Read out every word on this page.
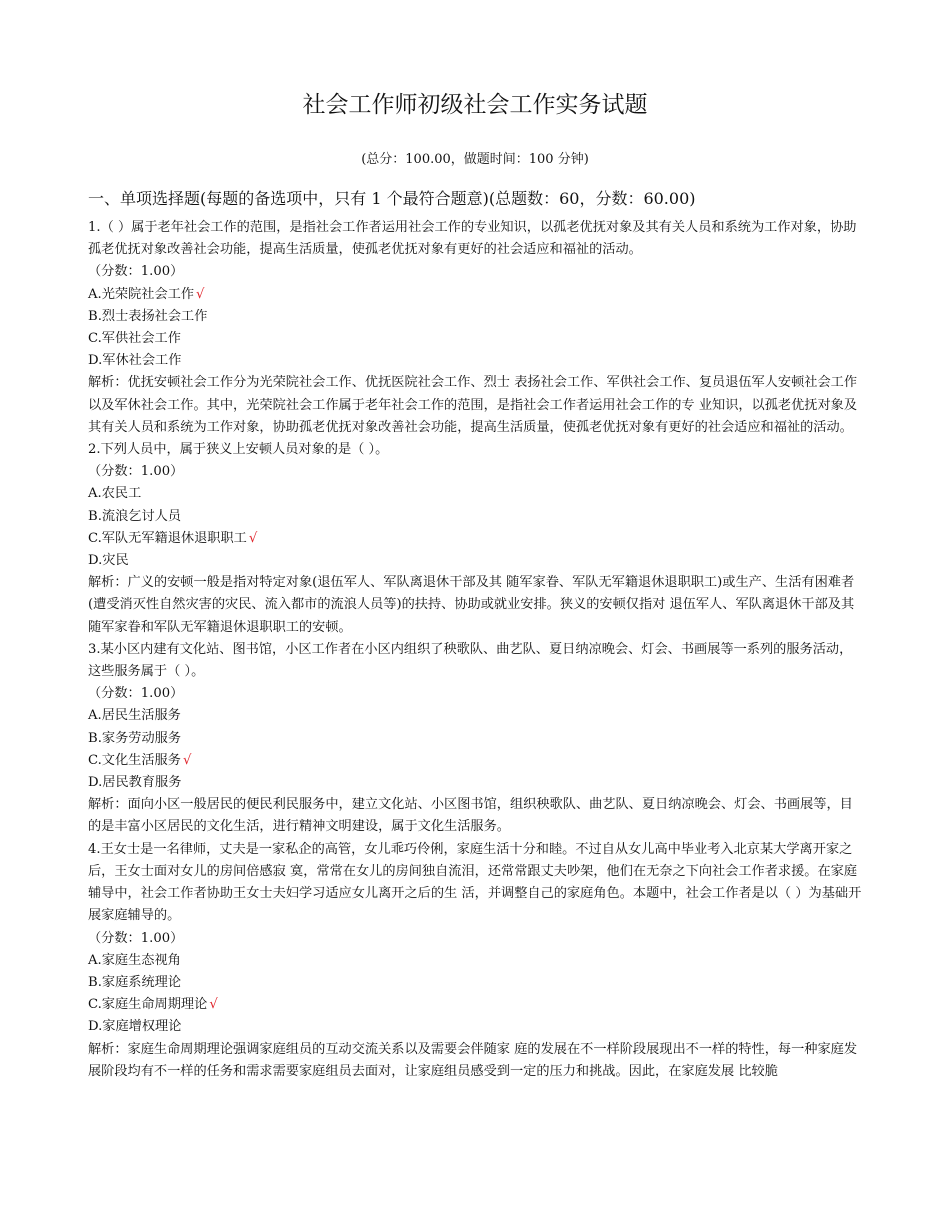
社会工作师初级社会工作实务试题
(总分：100.00，做题时间：100 分钟)
一、单项选择题(每题的备选项中，只有 1 个最符合题意)(总题数：60，分数：60.00)

1.（ ）属于老年社会工作的范围，是指社会工作者运用社会工作的专业知识，以孤老优抚对象及其有关人员和系统为工作对象，协助孤老优抚对象改善社会功能，提高生活质量，使孤老优抚对象有更好的社会适应和福祉的活动。

（分数：1.00）

A.光荣院社会工作√

B.烈士表扬社会工作

C.军供社会工作

D.军休社会工作

解析：优抚安顿社会工作分为光荣院社会工作、优抚医院社会工作、烈士 表扬社会工作、军供社会工作、复员退伍军人安顿社会工作以及军休社会工作。其中，光荣院社会工作属于老年社会工作的范围，是指社会工作者运用社会工作的专 业知识，以孤老优抚对象及其有关人员和系统为工作对象，协助孤老优抚对象改善社会功能，提高生活质量，使孤老优抚对象有更好的社会适应和福祉的活动。

2.下列人员中，属于狭义上安顿人员对象的是（ ）。

（分数：1.00）

A.农民工

B.流浪乞讨人员

C.军队无军籍退休退职职工√

D.灾民

解析：广义的安顿一般是指对特定对象(退伍军人、军队离退休干部及其 随军家眷、军队无军籍退休退职职工)或生产、生活有困难者(遭受消灭性自然灾害的灾民、流入都市的流浪人员等)的扶持、协助或就业安排。狭义的安顿仅指对 退伍军人、军队离退休干部及其随军家眷和军队无军籍退休退职职工的安顿。

3.某小区内建有文化站、图书馆，小区工作者在小区内组织了秧歌队、曲艺队、夏日纳凉晚会、灯会、书画展等一系列的服务活动，这些服务属于（ ）。

（分数：1.00）

A.居民生活服务

B.家务劳动服务

C.文化生活服务√

D.居民教育服务

解析：面向小区一般居民的便民利民服务中，建立文化站、小区图书馆，组织秧歌队、曲艺队、夏日纳凉晚会、灯会、书画展等，目的是丰富小区居民的文化生活，进行精神文明建设，属于文化生活服务。

4.王女士是一名律师，丈夫是一家私企的高管，女儿乖巧伶俐，家庭生活十分和睦。不过自从女儿高中毕业考入北京某大学离开家之后，王女士面对女儿的房间倍感寂 寞，常常在女儿的房间独自流泪，还常常跟丈夫吵架，他们在无奈之下向社会工作者求援。在家庭辅导中，社会工作者协助王女士夫妇学习适应女儿离开之后的生 活，并调整自己的家庭角色。本题中，社会工作者是以（ ）为基础开展家庭辅导的。

（分数：1.00）

A.家庭生态视角

B.家庭系统理论

C.家庭生命周期理论√

D.家庭增权理论

解析：家庭生命周期理论强调家庭组员的互动交流关系以及需要会伴随家 庭的发展在不一样阶段展现出不一样的特性，每一种家庭发展阶段均有不一样的任务和需求需要家庭组员去面对，让家庭组员感受到一定的压力和挑战。因此，在家庭发展 比较脆
